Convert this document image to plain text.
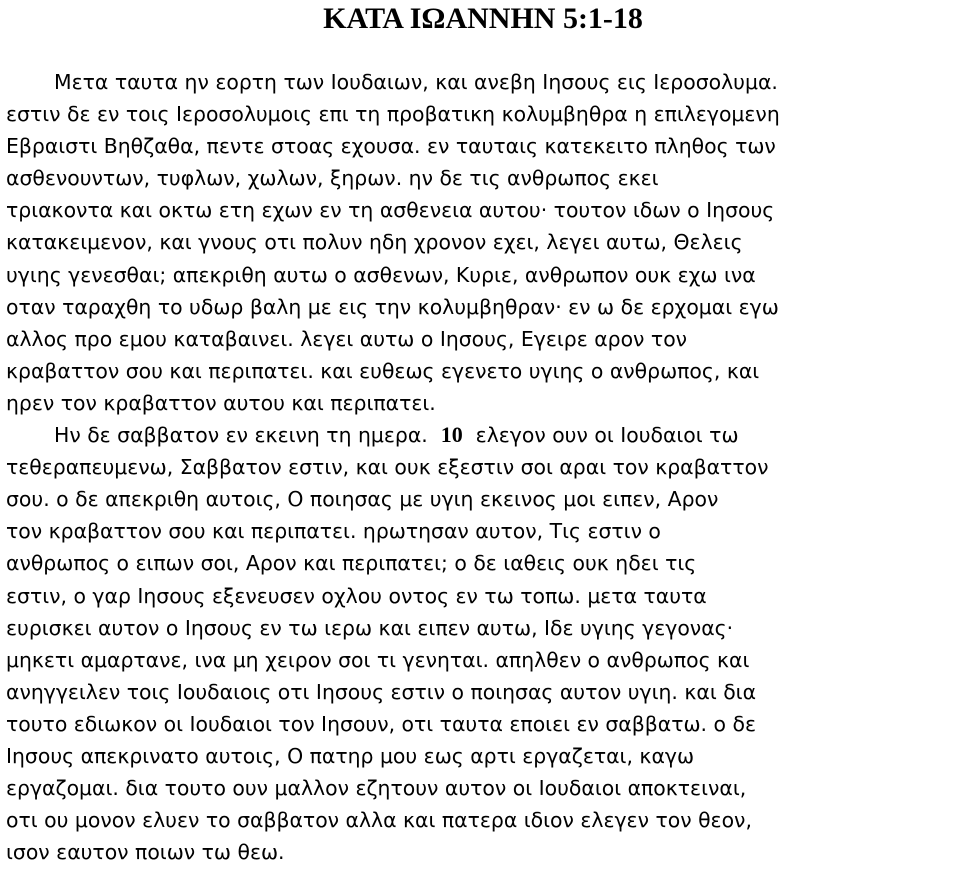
ΚΑΤΑ ΙΩΑΝΝΗΝ 5:1-18
Μετα ταυτα ην εορτη των Ιουδαιων, και ανεβη Ιησους εις Ιεροσολυμα.
εστιν δε εν τοις Ιεροσολυμοις επι τη προβατικη κολυμβηθρα η επιλεγομενη
Εβραιστι Βηθζαθα, πεντε στοας εχουσα. εν ταυταις κατεκειτο πληθος των
ασθενουντων, τυφλων, χωλων, ξηρων. ην δε τις ανθρωπος εκει
τριακοντα και οκτω ετη εχων εν τη ασθενεια αυτου· τουτον ιδων ο Ιησους
κατακειμενον, και γνους οτι πολυν ηδη χρονον εχει, λεγει αυτω, Θελεις
υγιης γενεσθαι; απεκριθη αυτω ο ασθενων, Κυριε, ανθρωπον ουκ εχω ινα
οταν ταραχθη το υδωρ βαλη με εις την κολυμβηθραν· εν ω δε ερχομαι εγω
αλλος προ εμου καταβαινει. λεγει αυτω ο Ιησους, Εγειρε αρον τον
κραβαττον σου και περιπατει. και ευθεως εγενετο υγιης ο ανθρωπος, και
ηρεν τον κραβαττον αυτου και περιπατει.
Ην δε σαββατον εν εκεινη τη ημερα.  10  ελεγον ουν οι Ιουδαιοι τω
τεθεραπευμενω, Σαββατον εστιν, και ουκ εξεστιν σοι αραι τον κραβαττον
σου. ο δε απεκριθη αυτοις, Ο ποιησας με υγιη εκεινος μοι ειπεν, Αρον
τον κραβαττον σου και περιπατει. ηρωτησαν αυτον, Τις εστιν ο
ανθρωπος ο ειπων σοι, Αρον και περιπατει; ο δε ιαθεις ουκ ηδει τις
εστιν, ο γαρ Ιησους εξενευσεν οχλου οντος εν τω τοπω. μετα ταυτα
ευρισκει αυτον ο Ιησους εν τω ιερω και ειπεν αυτω, Ιδε υγιης γεγονας·
μηκετι αμαρτανε, ινα μη χειρον σοι τι γενηται. απηλθεν ο ανθρωπος και
ανηγγειλεν τοις Ιουδαιοις οτι Ιησους εστιν ο ποιησας αυτον υγιη. και δια
τουτο εδιωκον οι Ιουδαιοι τον Ιησουν, οτι ταυτα εποιει εν σαββατω. ο δε
Ιησους απεκρινατο αυτοις, Ο πατηρ μου εως αρτι εργαζεται, καγω
εργαζομαι. δια τουτο ουν μαλλον εζητουν αυτον οι Ιουδαιοι αποκτειναι,
οτι ου μονον ελυεν το σαββατον αλλα και πατερα ιδιον ελεγεν τον θεον,
ισον εαυτον ποιων τω θεω.
